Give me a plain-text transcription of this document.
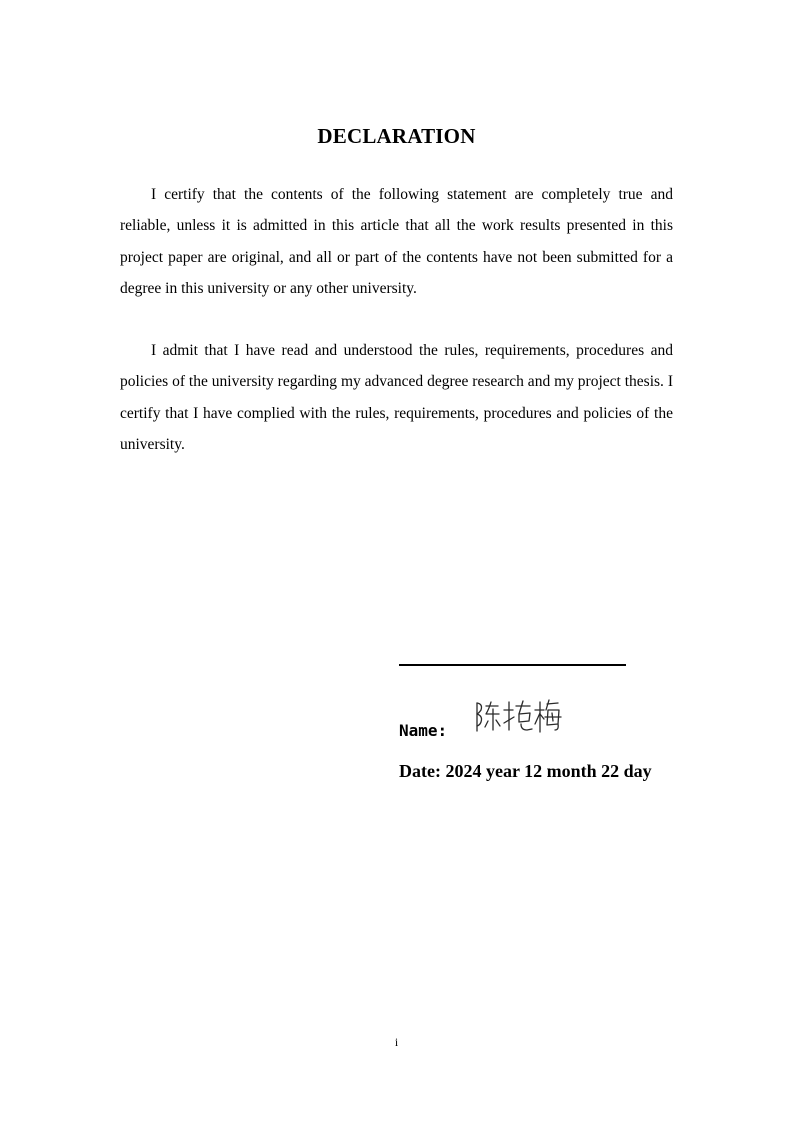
DECLARATION

I certify that the contents of the following statement are completely true and reliable, unless it is admitted in this article that all the work results presented in this project paper are original, and all or part of the contents have not been submitted for a degree in this university or any other university.

I admit that I have read and understood the rules, requirements, procedures and policies of the university regarding my advanced degree research and my project thesis. I certify that I have complied with the rules, requirements, procedures and policies of the university.

Name:
Date: 2024 year 12 month 22 day
i
